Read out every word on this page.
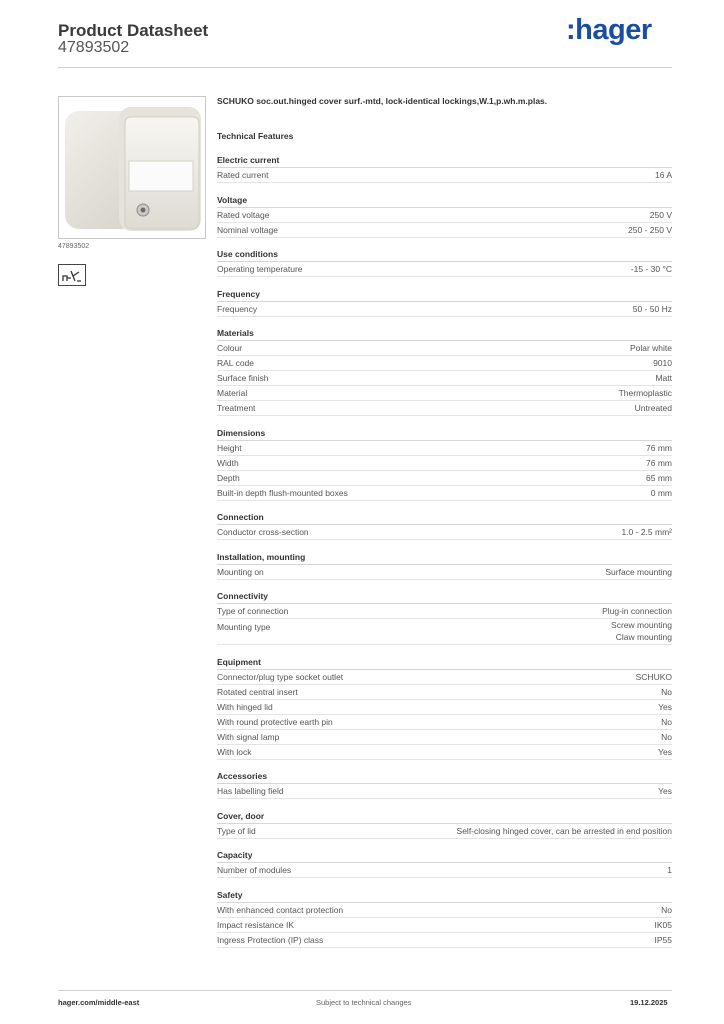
Product Datasheet
47893502
:hager
47893502
SCHUKO soc.out.hinged cover surf.-mtd, lock-identical lockings,W.1,p.wh.m.plas.
Technical Features
Electric current
Rated current	16 A
Voltage
Rated voltage	250 V
Nominal voltage	250 - 250 V
Use conditions
Operating temperature	-15 - 30 °C
Frequency
Frequency	50 - 50 Hz
Materials
Colour	Polar white
RAL code	9010
Surface finish	Matt
Material	Thermoplastic
Treatment	Untreated
Dimensions
Height	76 mm
Width	76 mm
Depth	65 mm
Built-in depth flush-mounted boxes	0 mm
Connection
Conductor cross-section	1.0 - 2.5 mm²
Installation, mounting
Mounting on	Surface mounting
Connectivity
Type of connection	Plug-in connection
Mounting type	Screw mounting
Claw mounting
Equipment
Connector/plug type socket outlet	SCHUKO
Rotated central insert	No
With hinged lid	Yes
With round protective earth pin	No
With signal lamp	No
With lock	Yes
Accessories
Has labelling field	Yes
Cover, door
Type of lid	Self-closing hinged cover, can be arrested in end position
Capacity
Number of modules	1
Safety
With enhanced contact protection	No
Impact resistance IK	IK05
Ingress Protection (IP) class	IP55
hager.com/middle-east	Subject to technical changes	19.12.2025
